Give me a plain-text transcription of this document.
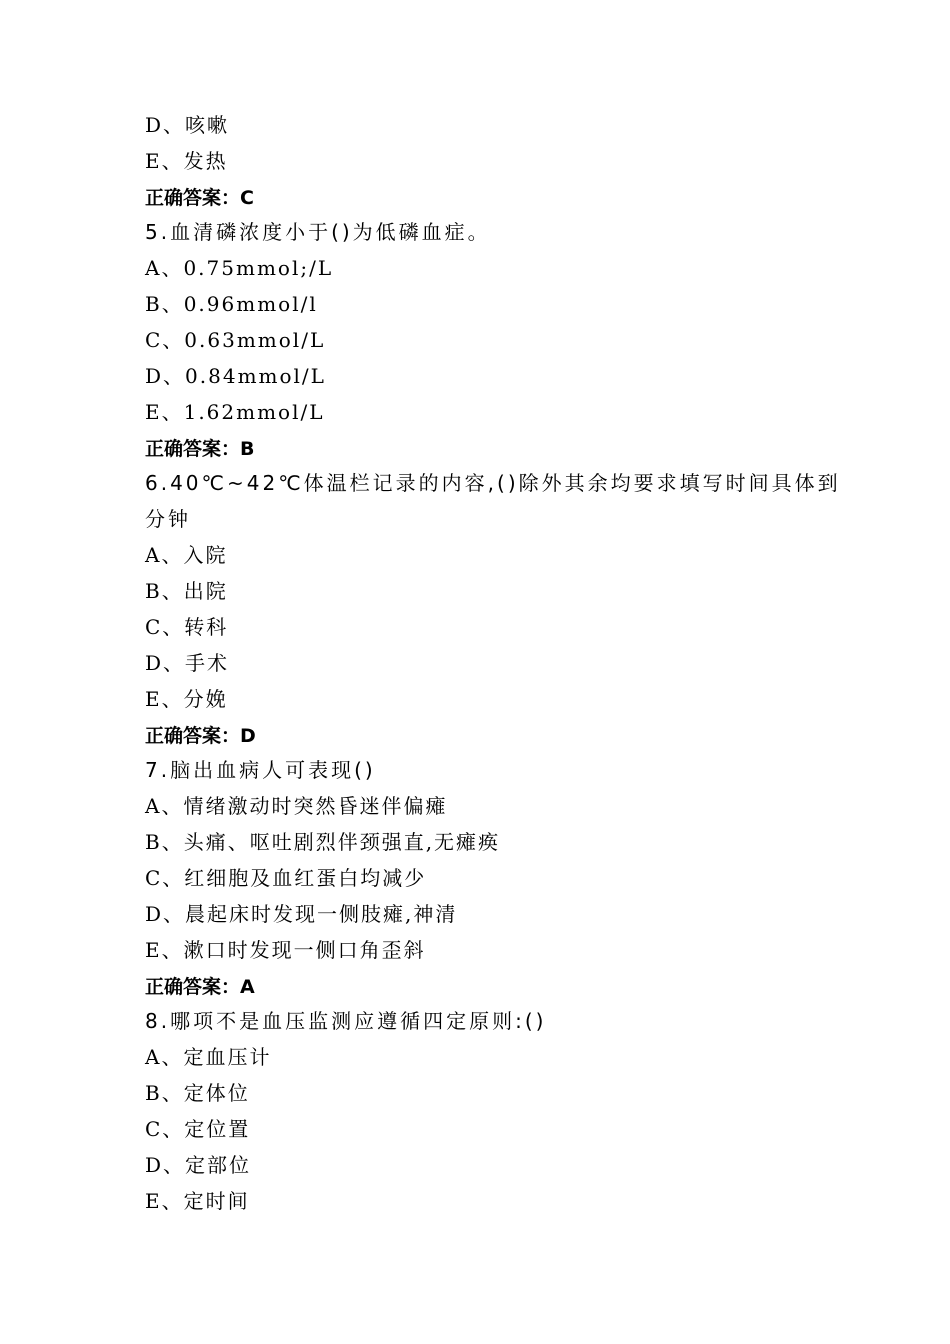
D、咳嗽
E、发热
正确答案：C
5.血清磷浓度小于()为低磷血症。
A、0.75mmol;/L
B、0.96mmol/l
C、0.63mmol/L
D、0.84mmol/L
E、1.62mmol/L
正确答案：B
6.40℃~42℃体温栏记录的内容,()除外其余均要求填写时间具体到
分钟
A、入院
B、出院
C、转科
D、手术
E、分娩
正确答案：D
7.脑出血病人可表现()
A、情绪激动时突然昏迷伴偏瘫
B、头痛、呕吐剧烈伴颈强直,无瘫痪
C、红细胞及血红蛋白均减少
D、晨起床时发现一侧肢瘫,神清
E、漱口时发现一侧口角歪斜
正确答案：A
8.哪项不是血压监测应遵循四定原则:()
A、定血压计
B、定体位
C、定位置
D、定部位
E、定时间
